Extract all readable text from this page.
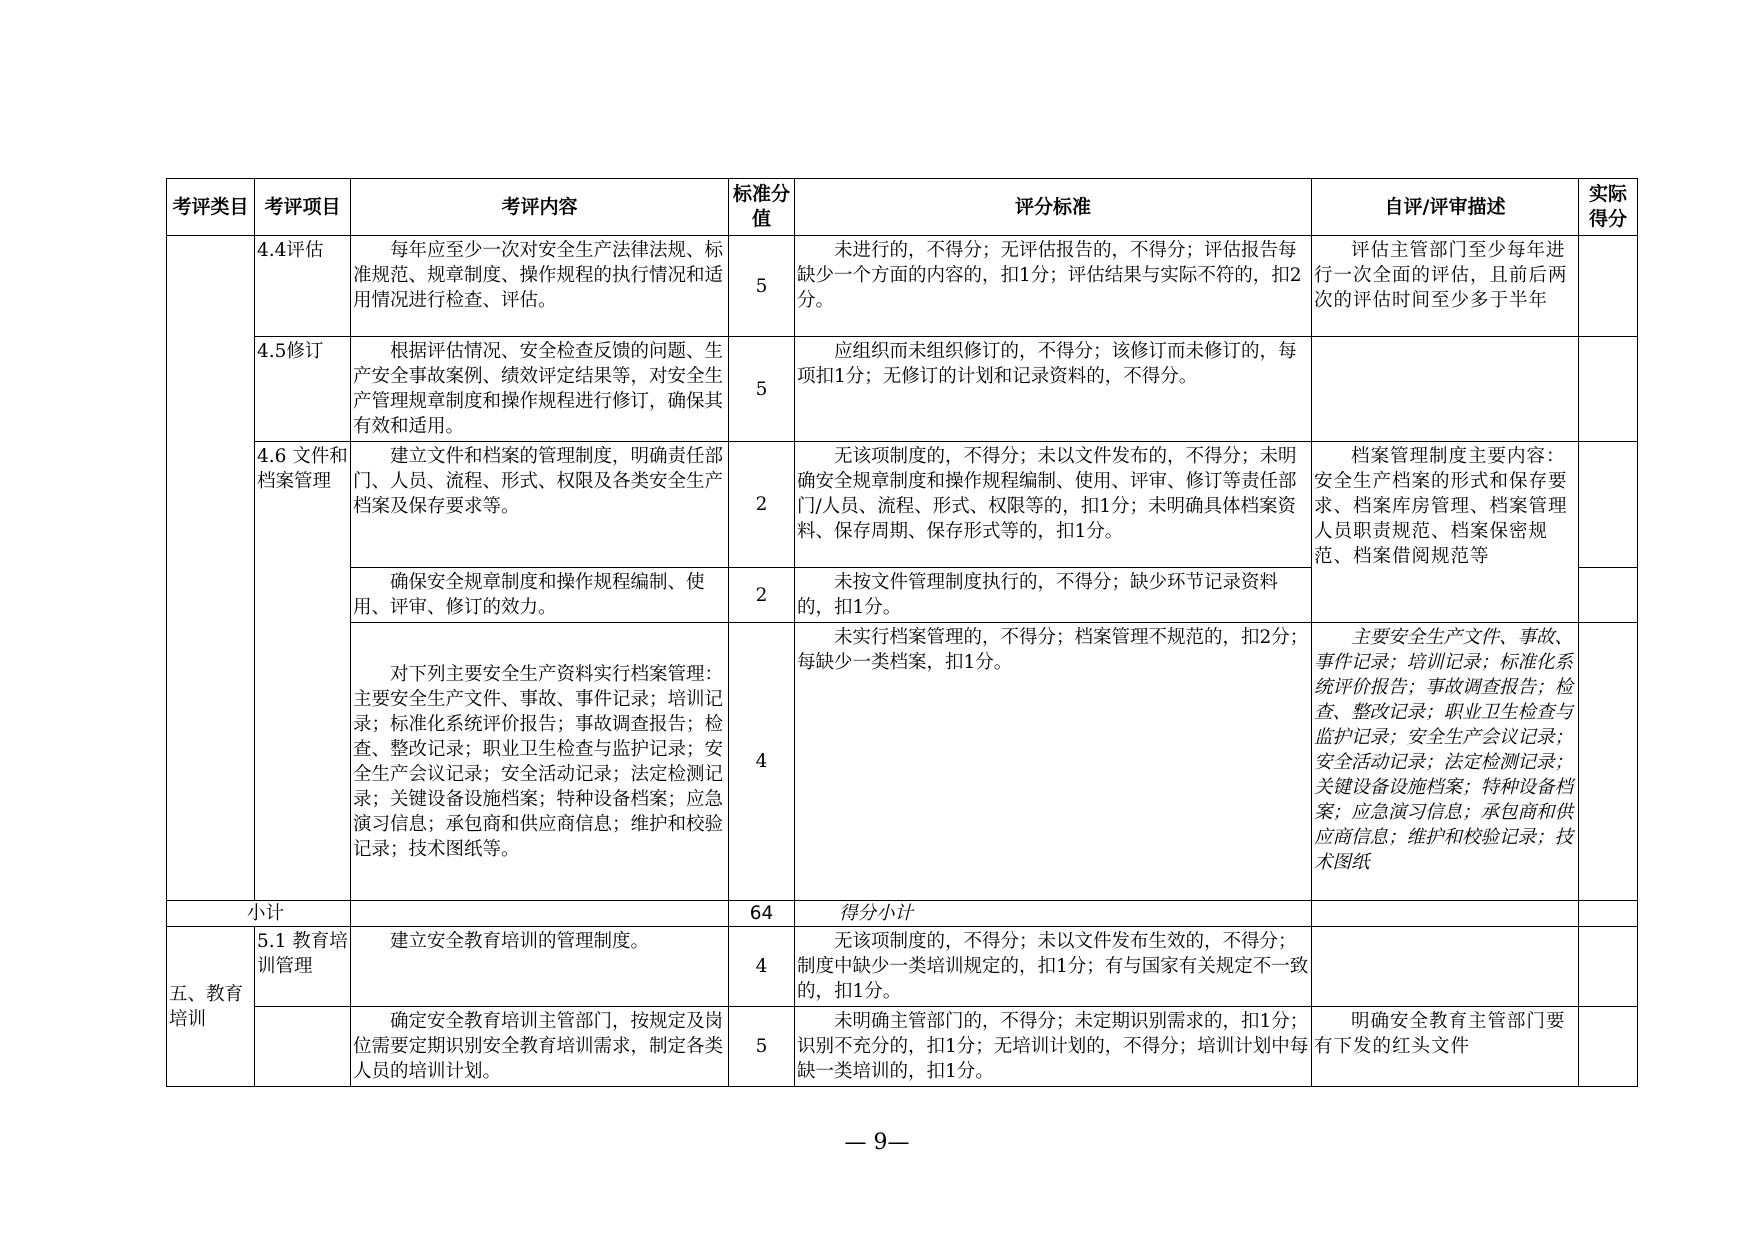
考评类目	考评项目	考评内容	标准分值	评分标准	自评/评审描述	实际得分
	4.4评估	每年应至少一次对安全生产法律法规、标准规范、规章制度、操作规程的执行情况和适用情况进行检查、评估。	5	未进行的，不得分；无评估报告的，不得分；评估报告每缺少一个方面的内容的，扣1分；评估结果与实际不符的，扣2分。	评估主管部门至少每年进行一次全面的评估，且前后两次的评估时间至少多于半年	
	4.5修订	根据评估情况、安全检查反馈的问题、生产安全事故案例、绩效评定结果等，对安全生产管理规章制度和操作规程进行修订，确保其有效和适用。	5	应组织而未组织修订的，不得分；该修订而未修订的，每项扣1分；无修订的计划和记录资料的，不得分。		
	4.6 文件和档案管理	建立文件和档案的管理制度，明确责任部门、人员、流程、形式、权限及各类安全生产档案及保存要求等。	2	无该项制度的，不得分；未以文件发布的，不得分；未明确安全规章制度和操作规程编制、使用、评审、修订等责任部门/人员、流程、形式、权限等的，扣1分；未明确具体档案资料、保存周期、保存形式等的，扣1分。	档案管理制度主要内容：安全生产档案的形式和保存要求、档案库房管理、档案管理人员职责规范、档案保密规范、档案借阅规范等	
		确保安全规章制度和操作规程编制、使用、评审、修订的效力。	2	未按文件管理制度执行的，不得分；缺少环节记录资料的，扣1分。		
		对下列主要安全生产资料实行档案管理：主要安全生产文件、事故、事件记录；培训记录；标准化系统评价报告；事故调查报告；检查、整改记录；职业卫生检查与监护记录；安全生产会议记录；安全活动记录；法定检测记录；关键设备设施档案；特种设备档案；应急演习信息；承包商和供应商信息；维护和校验记录；技术图纸等。	4	未实行档案管理的，不得分；档案管理不规范的，扣2分；每缺少一类档案，扣1分。	主要安全生产文件、事故、事件记录；培训记录；标准化系统评价报告；事故调查报告；检查、整改记录；职业卫生检查与监护记录；安全生产会议记录；安全活动记录；法定检测记录；关键设备设施档案；特种设备档案；应急演习信息；承包商和供应商信息；维护和校验记录；技术图纸	
小计			64	得分小计		
五、教育培训	5.1 教育培训管理	建立安全教育培训的管理制度。	4	无该项制度的，不得分；未以文件发布生效的，不得分；制度中缺少一类培训规定的，扣1分；有与国家有关规定不一致的，扣1分。		
		确定安全教育培训主管部门，按规定及岗位需要定期识别安全教育培训需求，制定各类人员的培训计划。	5	未明确主管部门的，不得分；未定期识别需求的，扣1分；识别不充分的，扣1分；无培训计划的，不得分；培训计划中每缺一类培训的，扣1分。	明确安全教育主管部门要有下发的红头文件	
— 9—
